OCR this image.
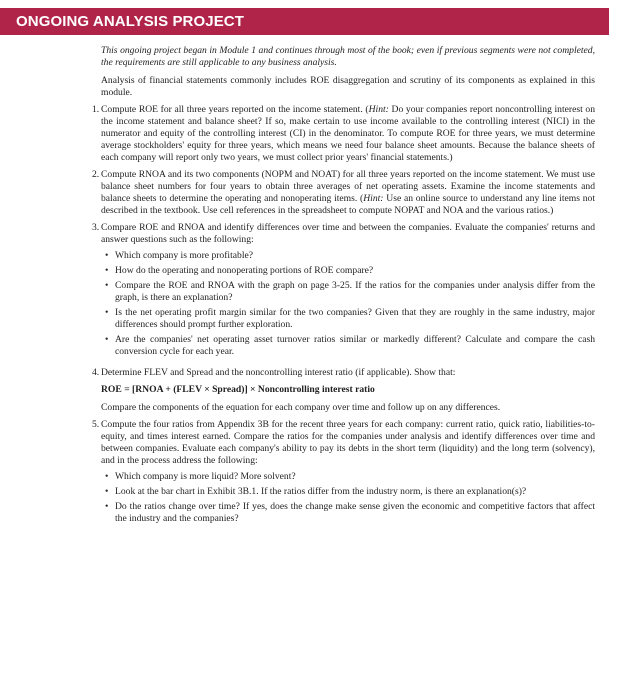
ONGOING ANALYSIS PROJECT

This ongoing project began in Module 1 and continues through most of the book; even if previous segments were not completed, the requirements are still applicable to any business analysis.

Analysis of financial statements commonly includes ROE disaggregation and scrutiny of its components as explained in this module.

1. Compute ROE for all three years reported on the income statement. (Hint: Do your companies report noncontrolling interest on the income statement and balance sheet? If so, make certain to use income available to the controlling interest (NICI) in the numerator and equity of the controlling interest (CI) in the denominator. To compute ROE for three years, we must determine average stockholders' equity for three years, which means we need four balance sheet amounts. Because the balance sheets of each company will report only two years, we must collect prior years' financial statements.)
2. Compute RNOA and its two components (NOPM and NOAT) for all three years reported on the income statement. We must use balance sheet numbers for four years to obtain three averages of net operating assets. Examine the income statements and balance sheets to determine the operating and nonoperating items. (Hint: Use an online source to understand any line items not described in the textbook. Use cell references in the spreadsheet to compute NOPAT and NOA and the various ratios.)
3. Compare ROE and RNOA and identify differences over time and between the companies. Evaluate the companies' returns and answer questions such as the following:
• Which company is more profitable?
• How do the operating and nonoperating portions of ROE compare?
• Compare the ROE and RNOA with the graph on page 3-25. If the ratios for the companies under analysis differ from the graph, is there an explanation?
• Is the net operating profit margin similar for the two companies? Given that they are roughly in the same industry, major differences should prompt further exploration.
• Are the companies' net operating asset turnover ratios similar or markedly different? Calculate and compare the cash conversion cycle for each year.
4. Determine FLEV and Spread and the noncontrolling interest ratio (if applicable). Show that:
ROE = [RNOA + (FLEV × Spread)] × Noncontrolling interest ratio

Compare the components of the equation for each company over time and follow up on any differences.

5. Compute the four ratios from Appendix 3B for the recent three years for each company: current ratio, quick ratio, liabilities-to-equity, and times interest earned. Compare the ratios for the companies under analysis and identify differences over time and between companies. Evaluate each company's ability to pay its debts in the short term (liquidity) and the long term (solvency), and in the process address the following:
• Which company is more liquid? More solvent?
• Look at the bar chart in Exhibit 3B.1. If the ratios differ from the industry norm, is there an explanation(s)?
• Do the ratios change over time? If yes, does the change make sense given the economic and competitive factors that affect the industry and the companies?
